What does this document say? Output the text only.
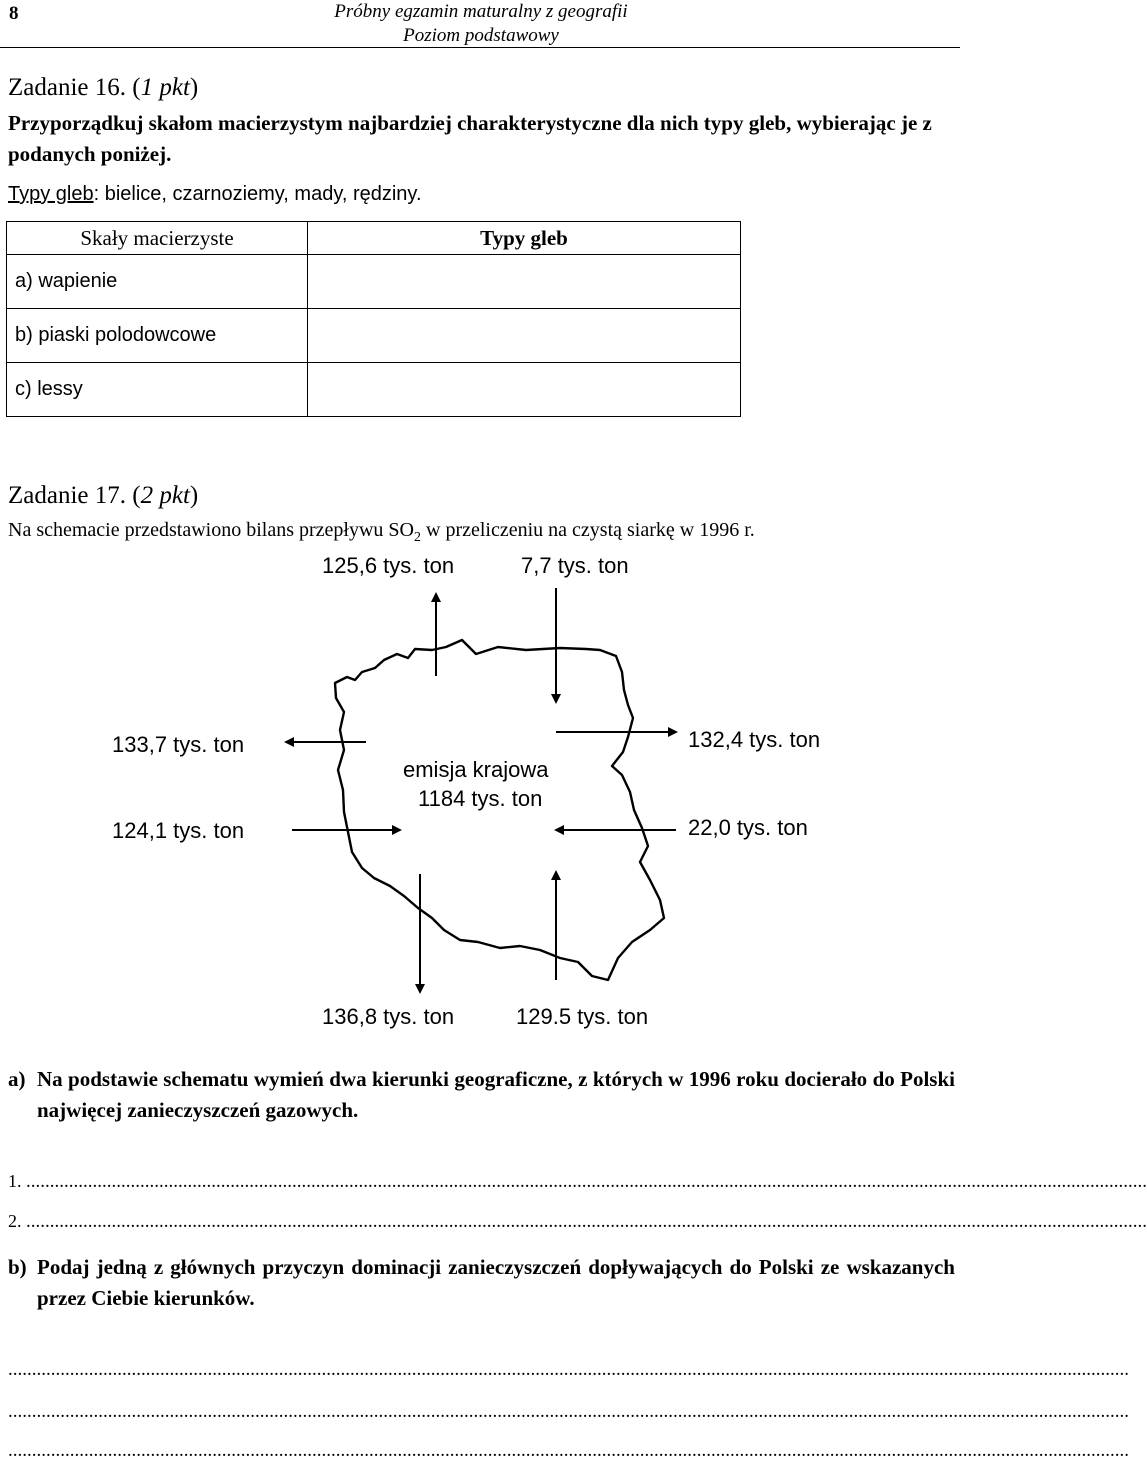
8	Próbny egzamin maturalny z geografii
Poziom podstawowy
Zadanie 16. (1 pkt)
Przyporządkuj skałom macierzystym najbardziej charakterystyczne dla nich typy gleb, wybierając je z podanych poniżej.
Typy gleb: bielice, czarnoziemy, mady, rędziny.
Skały macierzyste	Typy gleb
a) wapienie	
b) piaski polodowcowe	
c) lessy	
Zadanie 17. (2 pkt)
Na schemacie przedstawiono bilans przepływu $SO_2$ w przeliczeniu na czystą siarkę w 1996 r.
125,6 tys. ton	7,7 tys. ton
133,7 tys. ton
124,1 tys. ton
132,4 tys. ton
22,0 tys. ton
136,8 tys. ton	129.5 tys. ton
emisja krajowa
1184 tys. ton
a) Na podstawie schematu wymień dwa kierunki geograficzne, z których w 1996 roku docierało do Polski najwięcej zanieczyszczeń gazowych.
1. ............................................................................................................................................................................................................................................
2. ............................................................................................................................................................................................................................................
b) Podaj jedną z głównych przyczyn dominacji zanieczyszczeń dopływających do Polski ze wskazanych przez Ciebie kierunków.
............................................................................................................................................................................................................................................
............................................................................................................................................................................................................................................
............................................................................................................................................................................................................................................
